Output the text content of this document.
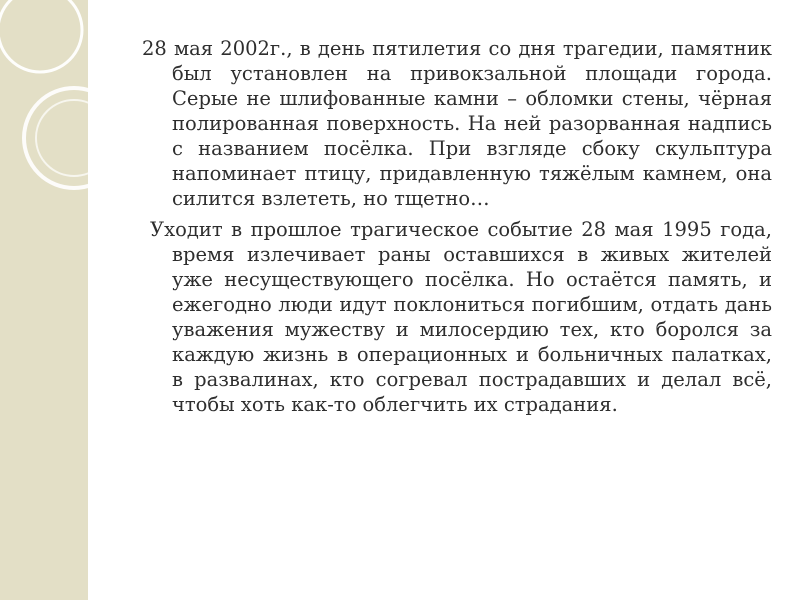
28 мая 2002г., в день пятилетия со дня трагедии, памятник был установлен на привокзальной площади города. Серые не шлифованные камни – обломки стены, чёрная полированная поверхность. На ней разорванная надпись с названием посёлка. При взгляде сбоку скульптура напоминает птицу, придавленную тяжёлым камнем, она силится взлететь, но тщетно…

Уходит в прошлое трагическое событие 28 мая 1995 года, время излечивает раны оставшихся в живых жителей уже несуществующего посёлка. Но остаётся память, и ежегодно люди идут поклониться погибшим, отдать дань уважения мужеству и милосердию тех, кто боролся за каждую жизнь в операционных и больничных палатках, в развалинах, кто согревал пострадавших и делал всё, чтобы хоть как-то облегчить их страдания.
